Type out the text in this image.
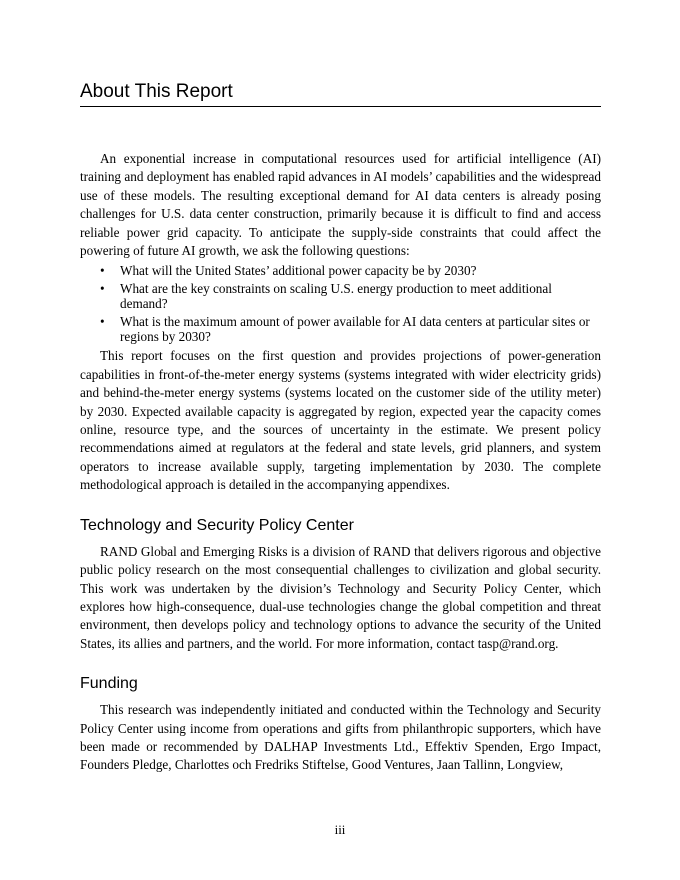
About This Report

An exponential increase in computational resources used for artificial intelligence (AI) training and deployment has enabled rapid advances in AI models’ capabilities and the widespread use of these models. The resulting exceptional demand for AI data centers is already posing challenges for U.S. data center construction, primarily because it is difficult to find and access reliable power grid capacity. To anticipate the supply-side constraints that could affect the powering of future AI growth, we ask the following questions:

• What will the United States’ additional power capacity be by 2030?
• What are the key constraints on scaling U.S. energy production to meet additional demand?
• What is the maximum amount of power available for AI data centers at particular sites or regions by 2030?

This report focuses on the first question and provides projections of power-generation capabilities in front-of-the-meter energy systems (systems integrated with wider electricity grids) and behind-the-meter energy systems (systems located on the customer side of the utility meter) by 2030. Expected available capacity is aggregated by region, expected year the capacity comes online, resource type, and the sources of uncertainty in the estimate. We present policy recommendations aimed at regulators at the federal and state levels, grid planners, and system operators to increase available supply, targeting implementation by 2030. The complete methodological approach is detailed in the accompanying appendixes.

Technology and Security Policy Center

RAND Global and Emerging Risks is a division of RAND that delivers rigorous and objective public policy research on the most consequential challenges to civilization and global security. This work was undertaken by the division’s Technology and Security Policy Center, which explores how high-consequence, dual-use technologies change the global competition and threat environment, then develops policy and technology options to advance the security of the United States, its allies and partners, and the world. For more information, contact tasp@rand.org.

Funding

This research was independently initiated and conducted within the Technology and Security Policy Center using income from operations and gifts from philanthropic supporters, which have been made or recommended by DALHAP Investments Ltd., Effektiv Spenden, Ergo Impact, Founders Pledge, Charlottes och Fredriks Stiftelse, Good Ventures, Jaan Tallinn, Longview,

iii
